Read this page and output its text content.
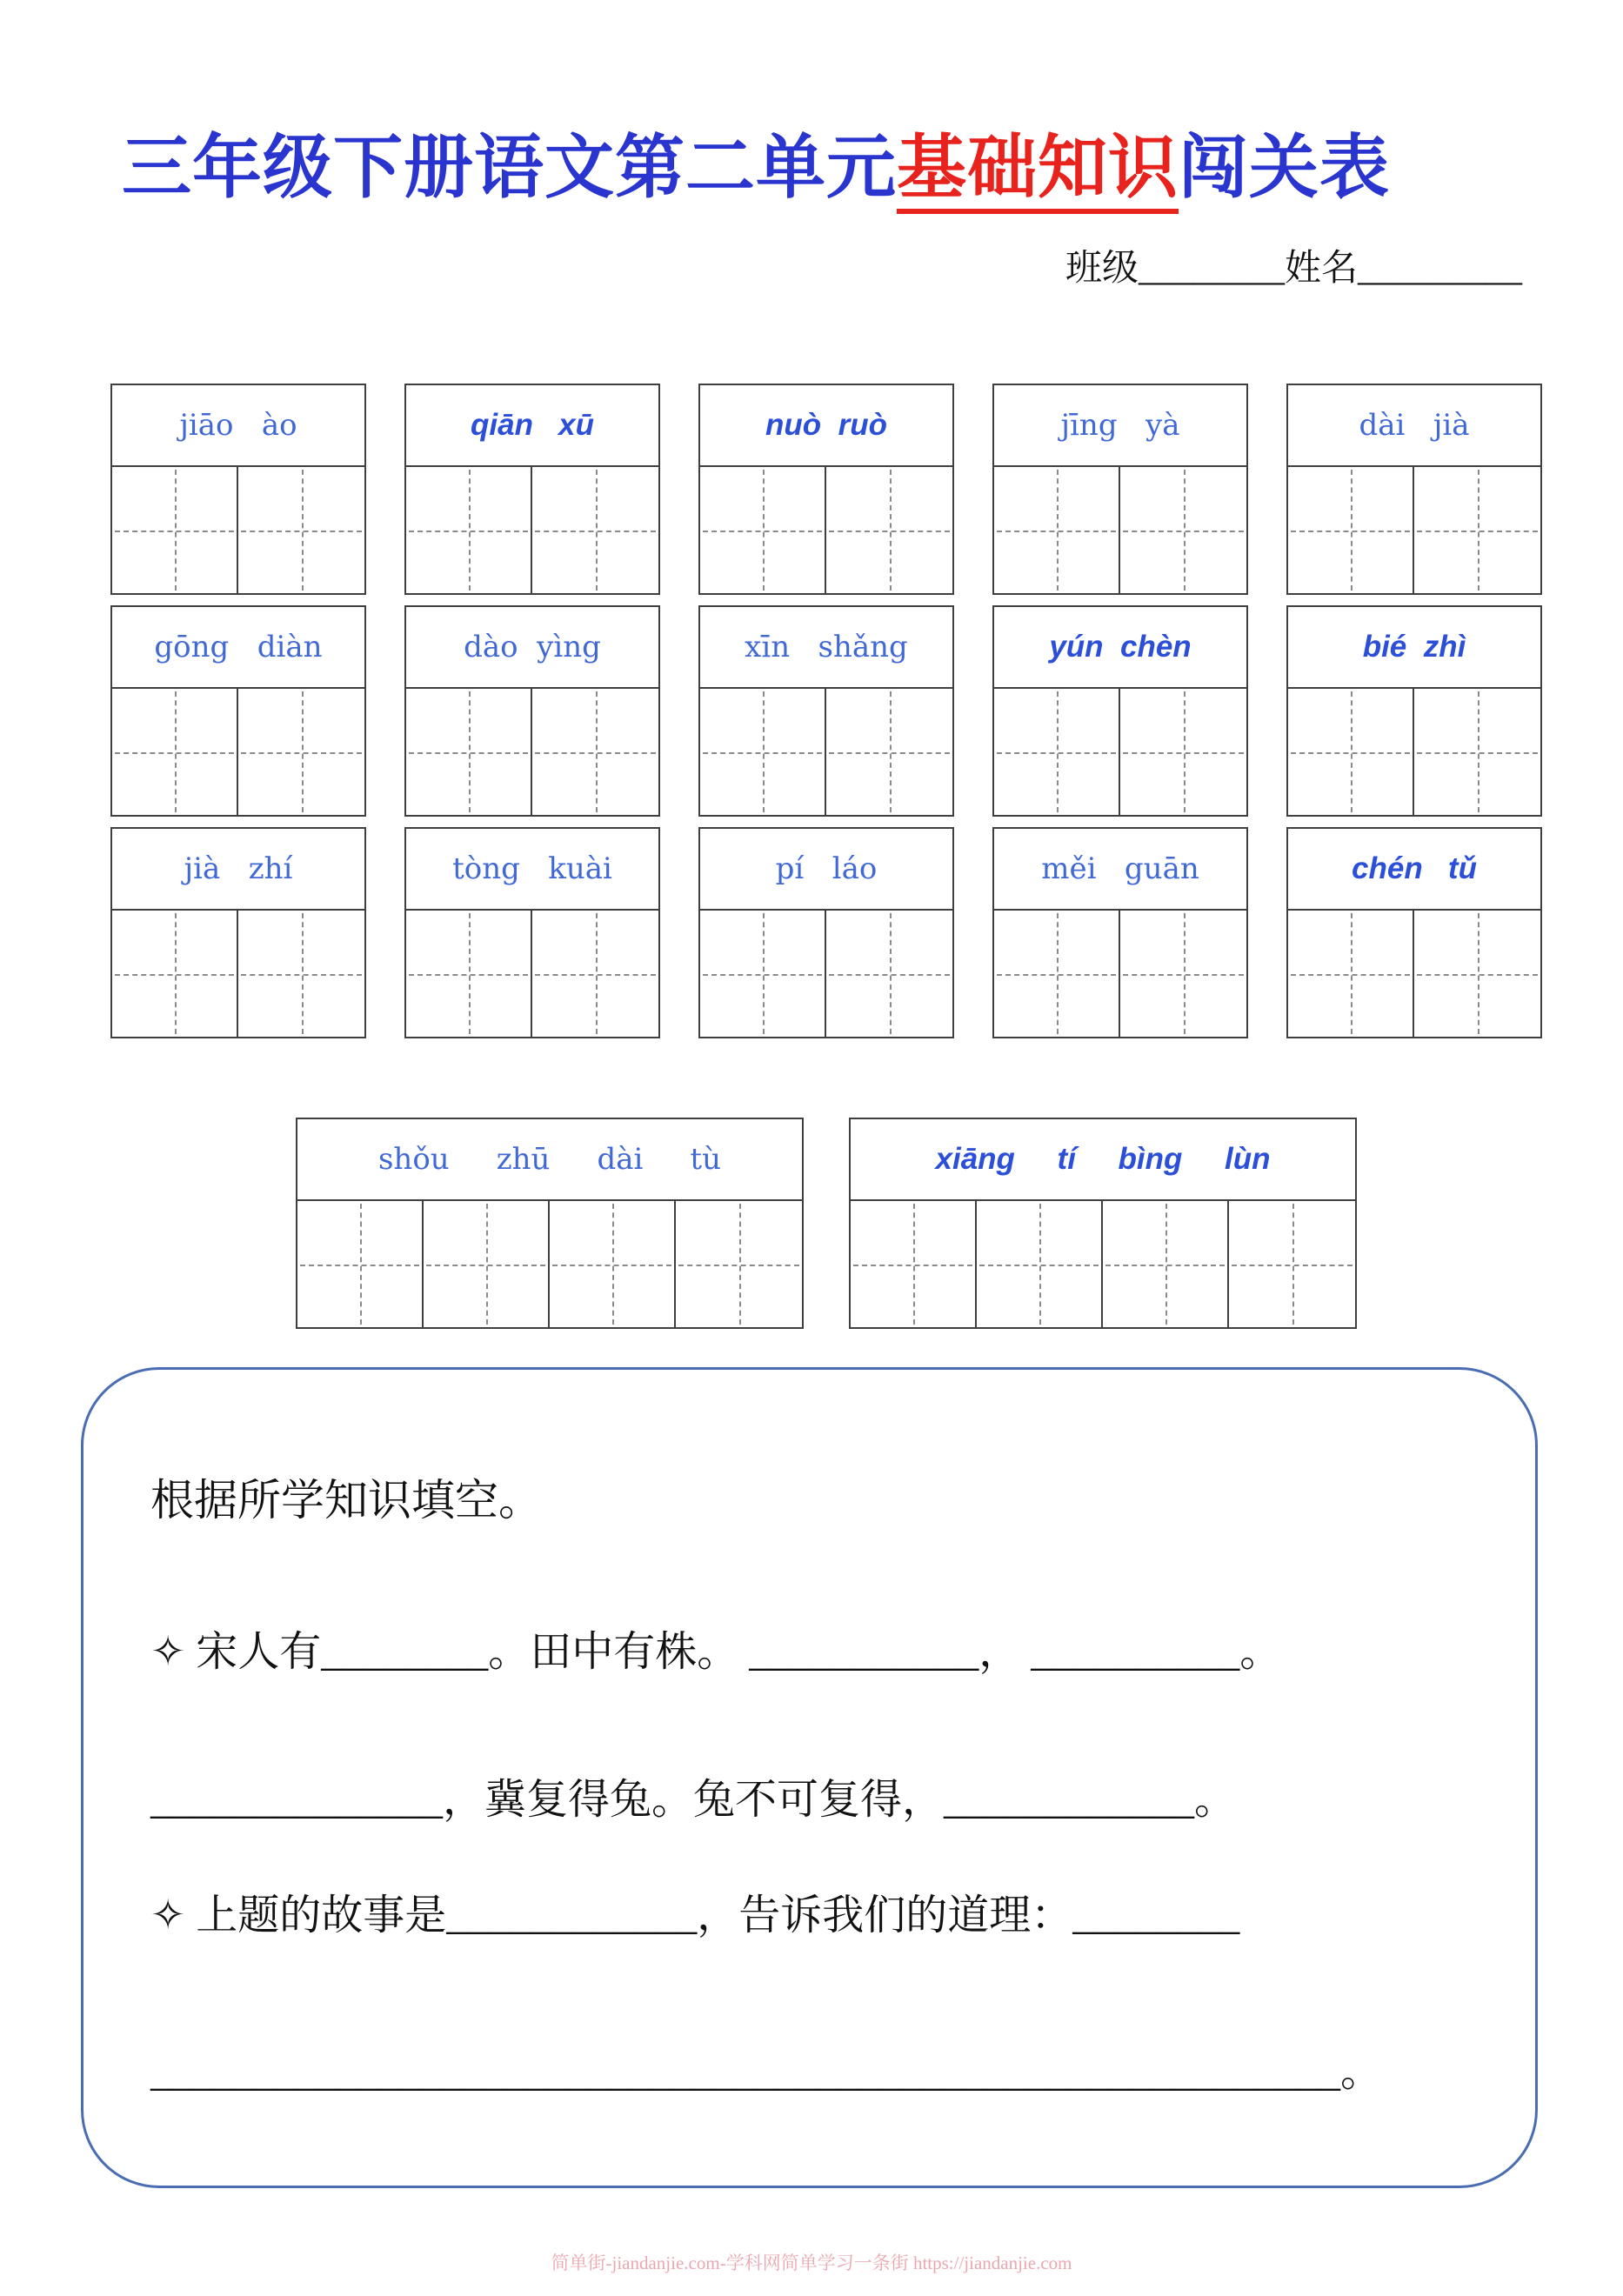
三年级下册语文第二单元基础知识闯关表
班级________姓名_________
jiāo   ào	qiān   xū	nuò  ruò	jīng   yà	dài   jià
gōng   diàn	dào  yìng	xīn   shǎng	yún  chèn	bié  zhì
jià   zhí	tòng   kuài	pí   láo	měi   guān	chén   tǔ
shǒu     zhū     dài     tù	xiāng     tí     bìng     lùn
根据所学知识填空。
✧ 宋人有________。田中有株。 ___________， __________。
______________，冀复得兔。兔不可复得，____________。
✧ 上题的故事是____________，告诉我们的道理：________
_________________________________________________________。
简单街-jiandanjie.com-学科网简单学习一条街 https://jiandanjie.com
